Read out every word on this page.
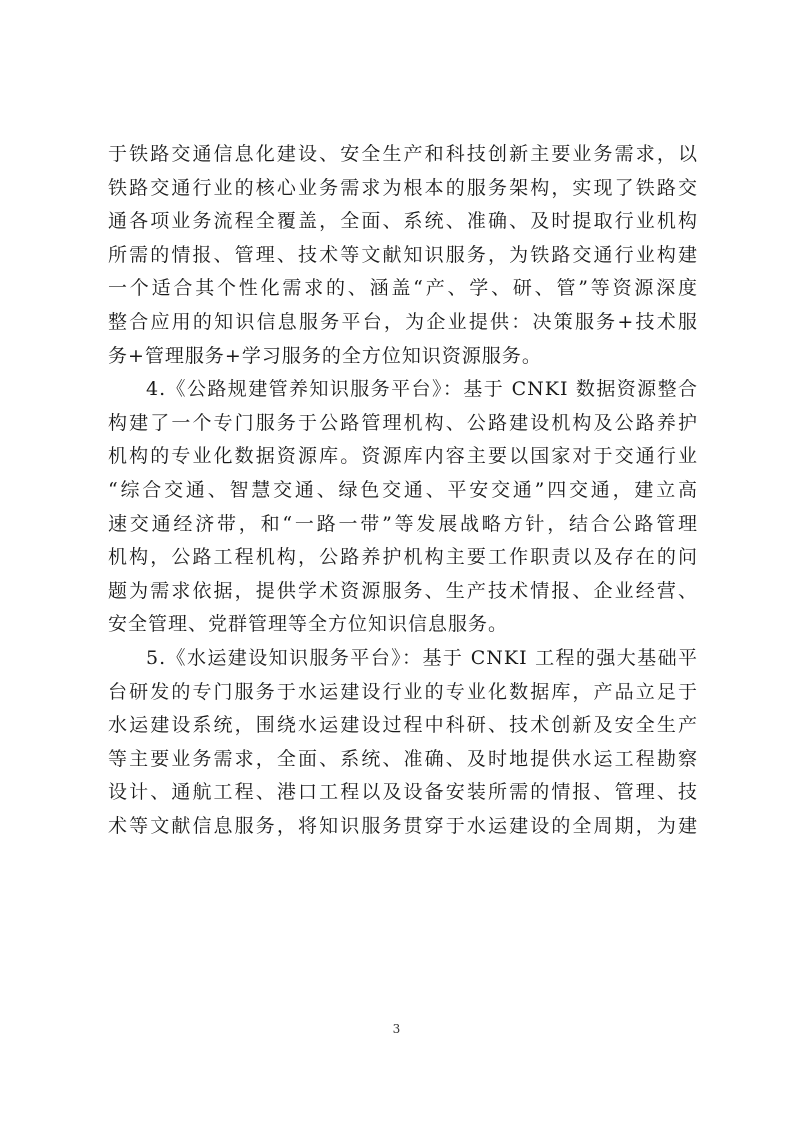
于铁路交通信息化建设、安全生产和科技创新主要业务需求，以
铁路交通行业的核心业务需求为根本的服务架构，实现了铁路交
通各项业务流程全覆盖，全面、系统、准确、及时提取行业机构
所需的情报、管理、技术等文献知识服务，为铁路交通行业构建
一个适合其个性化需求的、涵盖“产、学、研、管”等资源深度
整合应用的知识信息服务平台，为企业提供：决策服务+技术服
务+管理服务+学习服务的全方位知识资源服务。

4.《公路规建管养知识服务平台》：基于 CNKI 数据资源整合
构建了一个专门服务于公路管理机构、公路建设机构及公路养护
机构的专业化数据资源库。资源库内容主要以国家对于交通行业
“综合交通、智慧交通、绿色交通、平安交通”四交通，建立高
速交通经济带，和“一路一带”等发展战略方针，结合公路管理
机构，公路工程机构，公路养护机构主要工作职责以及存在的问
题为需求依据，提供学术资源服务、生产技术情报、企业经营、
安全管理、党群管理等全方位知识信息服务。

5.《水运建设知识服务平台》：基于 CNKI 工程的强大基础平
台研发的专门服务于水运建设行业的专业化数据库，产品立足于
水运建设系统，围绕水运建设过程中科研、技术创新及安全生产
等主要业务需求，全面、系统、准确、及时地提供水运工程勘察
设计、通航工程、港口工程以及设备安装所需的情报、管理、技
术等文献信息服务，将知识服务贯穿于水运建设的全周期，为建

3
